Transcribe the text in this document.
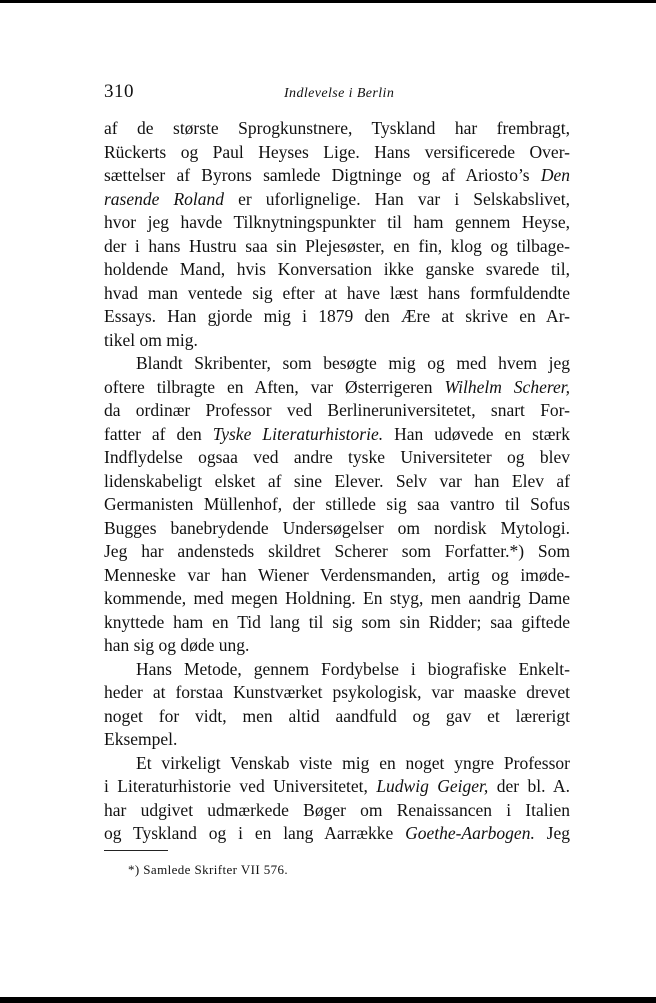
310	Indlevelse i Berlin
af de største Sprogkunstnere, Tyskland har frembragt,
Rückerts og Paul Heyses Lige. Hans versificerede Over-
sættelser af Byrons samlede Digtninge og af Ariosto’s Den
rasende Roland er uforlignelige. Han var i Selskabslivet,
hvor jeg havde Tilknytningspunkter til ham gennem Heyse,
der i hans Hustru saa sin Plejesøster, en fin, klog og tilbage-
holdende Mand, hvis Konversation ikke ganske svarede til,
hvad man ventede sig efter at have læst hans formfuldendte
Essays. Han gjorde mig i 1879 den Ære at skrive en Ar-
tikel om mig.
Blandt Skribenter, som besøgte mig og med hvem jeg
oftere tilbragte en Aften, var Østerrigeren Wilhelm Scherer,
da ordinær Professor ved Berlineruniversitetet, snart For-
fatter af den Tyske Literaturhistorie. Han udøvede en stærk
Indflydelse ogsaa ved andre tyske Universiteter og blev
lidenskabeligt elsket af sine Elever. Selv var han Elev af
Germanisten Müllenhof, der stillede sig saa vantro til Sofus
Bugges banebrydende Undersøgelser om nordisk Mytologi.
Jeg har andensteds skildret Scherer som Forfatter.*) Som
Menneske var han Wiener Verdensmanden, artig og imøde-
kommende, med megen Holdning. En styg, men aandrig Dame
knyttede ham en Tid lang til sig som sin Ridder; saa giftede
han sig og døde ung.
Hans Metode, gennem Fordybelse i biografiske Enkelt-
heder at forstaa Kunstværket psykologisk, var maaske drevet
noget for vidt, men altid aandfuld og gav et lærerigt
Eksempel.
Et virkeligt Venskab viste mig en noget yngre Professor
i Literaturhistorie ved Universitetet, Ludwig Geiger, der bl. A.
har udgivet udmærkede Bøger om Renaissancen i Italien
og Tyskland og i en lang Aarrække Goethe-Aarbogen. Jeg
*) Samlede Skrifter VII 576.
